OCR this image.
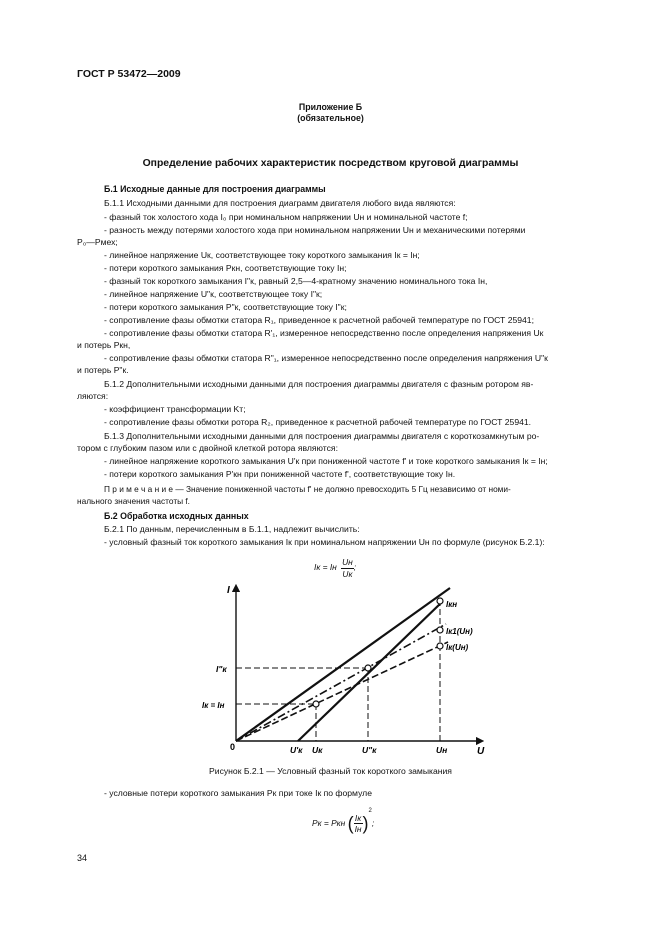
ГОСТ Р 53472—2009
Приложение Б
(обязательное)
Определение рабочих характеристик посредством круговой диаграммы
Б.1 Исходные данные для построения диаграммы
Б.1.1 Исходными данными для построения диаграмм двигателя любого вида являются:
- фазный ток холостого хода I₀ при номинальном напряжении Uн и номинальной частоте f;
- разность между потерями холостого хода при номинальном напряжении Uн и механическими потерями
P₀—Pмех;
- линейное напряжение Uк, соответствующее току короткого замыкания Iк = Iн;
- потери короткого замыкания Pкн, соответствующие току Iн;
- фазный ток короткого замыкания I"к, равный 2,5—4-кратному значению номинального тока Iн,
- линейное напряжение U"к, соответствующее току I"к;
- потери короткого замыкания P"к, соответствующие току I"к;
- сопротивление фазы обмотки статора R₁, приведенное к расчетной рабочей температуре по ГОСТ 25941;
- сопротивление фазы обмотки статора R'₁, измеренное непосредственно после определения напряжения Uк
и потерь Pкн,
- сопротивление фазы обмотки статора R"₁, измеренное непосредственно после определения напряжения U"к
и потерь P"к.
Б.1.2 Дополнительными исходными данными для построения диаграммы двигателя с фазным ротором яв-
ляются:
- коэффициент трансформации Kт;
- сопротивление фазы обмотки ротора R₂, приведенное к расчетной рабочей температуре по ГОСТ 25941.
Б.1.3 Дополнительными исходными данными для построения диаграммы двигателя с короткозамкнутым ро-
тором с глубоким пазом или с двойной клеткой ротора являются:
- линейное напряжение короткого замыкания U'к при пониженной частоте f' и токе короткого замыкания Iк = Iн;
- потери короткого замыкания P'кн при пониженной частоте f', соответствующие току Iн.
П р и м е ч а н и е — Значение пониженной частоты f' не должно превосходить 5 Гц независимо от номи-
нального значения частоты f.
Б.2 Обработка исходных данных
Б.2.1 По данным, перечисленным в Б.1.1, надлежит вычислить:
- условный фазный ток короткого замыкания Iк при номинальном напряжении Uн по формуле (рисунок Б.2.1):
Iк = Iн
Uн
Uк
;
I
U
0	U'к Uк	U"к	Uн
I"к
Iк = Iн
Iкн
Iк1(Uн)
Iк(Uн)
Рисунок Б.2.1 — Условный фазный ток короткого замыкания
- условные потери короткого замыкания Pк при токе Iк по формуле
Pк = Pкн ( Iк
Iн )$^2$;
34
